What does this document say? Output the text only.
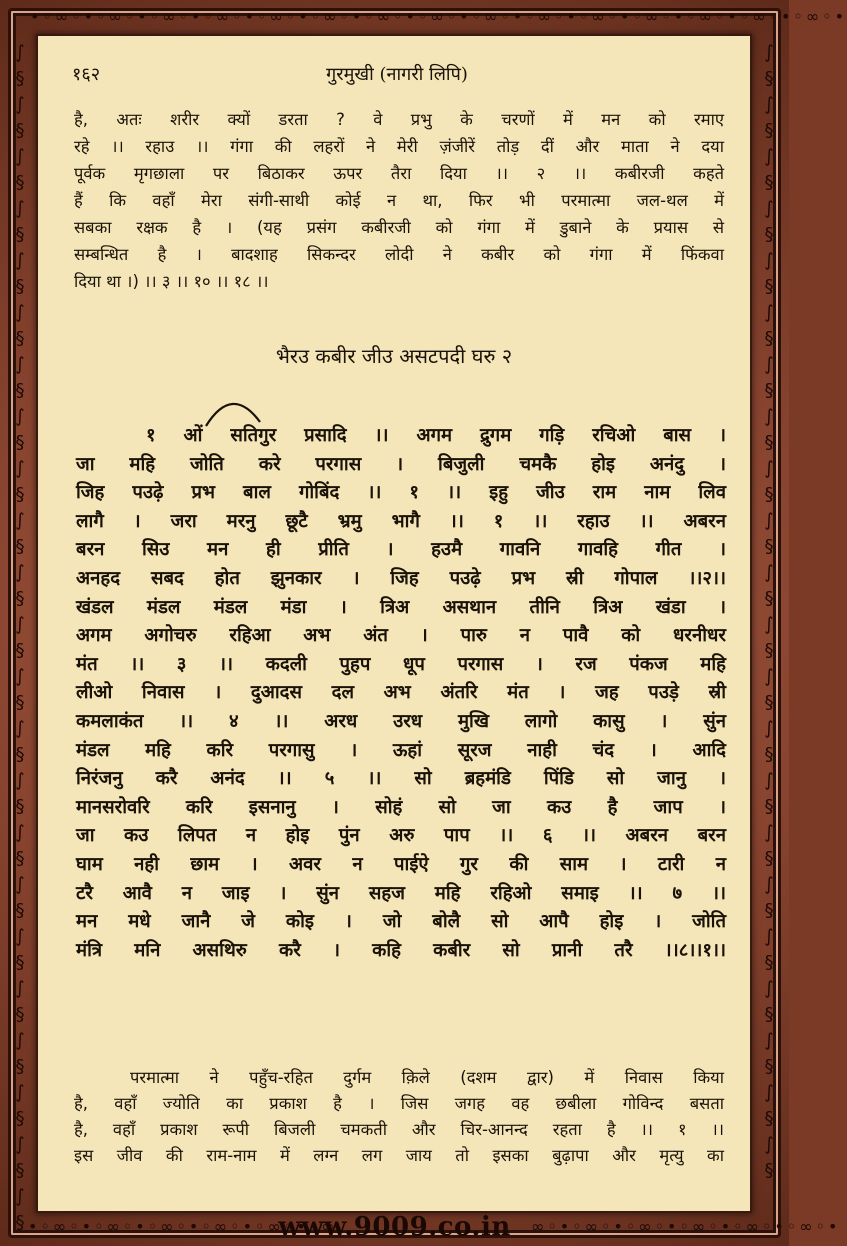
•◦∞◦•◦∞◦•◦∞◦•◦∞◦•◦∞◦•◦∞◦•◦∞◦•◦∞◦•◦∞◦•◦∞◦•◦∞◦•◦∞◦•◦∞◦•◦∞◦•◦∞◦•
∫
§
∫
§
∫
§
∫
§
∫
§
∫
§
∫
§
∫
§
∫
§
∫
§
∫
§
∫
§
∫
§
∫
§
∫
§
∫
§
∫
§
∫
§
∫
§
∫
§
∫
§
∫
§
∫
§
∫
§
∫
§
∫
§
∫
§
∫
§
∫
§
∫
§
∫
§
∫
§
∫
§
∫
§
∫
§
∫
§
∫
§
∫
§
∫
§
∫
§
∫
§
∫
§
∫
§
∫
§
∫
§
•◦∞◦•◦∞◦•◦∞◦•◦∞◦•◦∞◦•◦∞	∞◦•◦∞◦•◦∞◦•◦∞◦•◦∞◦•◦∞◦•
१६२	गुरमुखी (नागरी लिपि)
है, अतः शरीर क्यों डरता ? वे प्रभु के चरणों में मन को रमाए
रहे ।। रहाउ ।। गंगा की लहरों ने मेरी ज़ंजीरें तोड़ दीं और माता ने दया
पूर्वक मृगछाला पर बिठाकर ऊपर तैरा दिया ।। २ ।। कबीरजी कहते
हैं कि वहाँ मेरा संगी-साथी कोई न था, फिर भी परमात्मा जल-थल में
सबका रक्षक है । (यह प्रसंग कबीरजी को गंगा में डुबाने के प्रयास से
सम्बन्धित है । बादशाह सिकन्दर लोदी ने कबीर को गंगा में फिंकवा
दिया था ।) ।। ३ ।। १० ।। १८ ।।
भैरउ कबीर जीउ असटपदी घरु २
१ ओं सतिगुर प्रसादि ।। अगम द्रुगम गड़ि रचिओ बास ।
जा महि जोति करे परगास । बिजुली चमकै होइ अनंदु ।
जिह पउढ़े प्रभ बाल गोबिंद ।। १ ।। इहु जीउ राम नाम लिव
लागै । जरा मरनु छूटै भ्रमु भागै ।। १ ।। रहाउ ।। अबरन
बरन सिउ मन ही प्रीति । हउमै गावनि गावहि गीत ।
अनहद सबद होत झुनकार । जिह पउढ़े प्रभ स्री गोपाल ।।२।।
खंडल मंडल मंडल मंडा । त्रिअ असथान तीनि त्रिअ खंडा ।
अगम अगोचरु रहिआ अभ अंत । पारु न पावै को धरनीधर
मंत ।। ३ ।। कदली पुहप धूप परगास । रज पंकज महि
लीओ निवास । दुआदस दल अभ अंतरि मंत । जह पउड़े स्री
कमलाकंत ।। ४ ।। अरध उरध मुखि लागो कासु । सुंन
मंडल महि करि परगासु । ऊहां सूरज नाही चंद । आदि
निरंजनु करै अनंद ।। ५ ।। सो ब्रहमंडि पिंडि सो जानु ।
मानसरोवरि करि इसनानु । सोहं सो जा कउ है जाप ।
जा कउ लिपत न होइ पुंन अरु पाप ।। ६ ।। अबरन बरन
घाम नही छाम । अवर न पाईऐ गुर की साम । टारी न
टरै आवै न जाइ । सुंन सहज महि रहिओ समाइ ।। ७ ।।
मन मधे जानै जे कोइ । जो बोलै सो आपै होइ । जोति
मंत्रि मनि असथिरु करै । कहि कबीर सो प्रानी तरै ।।८।।१।।
परमात्मा ने पहुँच-रहित दुर्गम क़िले (दशम द्वार) में निवास किया
है, वहाँ ज्योति का प्रकाश है । जिस जगह वह छबीला गोविन्द बसता
है, वहाँ प्रकाश रूपी बिजली चमकती और चिर-आनन्द रहता है ।। १ ।।
इस जीव की राम-नाम में लग्न लग जाय तो इसका बुढ़ापा और मृत्यु का
www.9009.co.in
